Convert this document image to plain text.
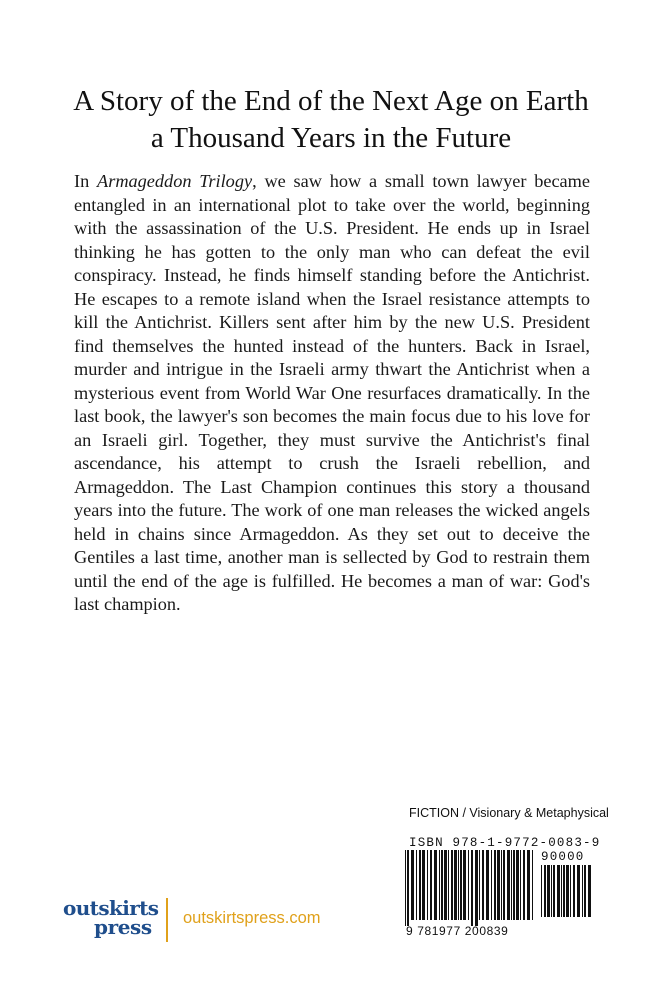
A Story of the End of the Next Age on Earth
a Thousand Years in the Future

In Armageddon Trilogy, we saw how a small town lawyer became entangled in an international plot to take over the world, beginning with the assassination of the U.S. President. He ends up in Israel thinking he has gotten to the only man who can defeat the evil conspiracy. Instead, he finds himself standing before the Antichrist. He escapes to a remote island when the Israel resistance attempts to kill the Antichrist. Killers sent after him by the new U.S. President find themselves the hunted instead of the hunters. Back in Israel, murder and intrigue in the Israeli army thwart the Antichrist when a mysterious event from World War One resurfaces dramatically. In the last book, the lawyer's son becomes the main focus due to his love for an Israeli girl. Together, they must survive the Antichrist's final ascendance, his attempt to crush the Israeli rebellion, and Armageddon. The Last Champion continues this story a thousand years into the future. The work of one man releases the wicked angels held in chains since Armageddon. As they set out to deceive the Gentiles a last time, another man is sellected by God to restrain them until the end of the age is fulfilled. He becomes a man of war: God's last champion.

FICTION / Visionary & Metaphysical
ISBN 978-1-9772-0083-9
90000
9 781977 200839
outskirts
press outskirtspress.com
